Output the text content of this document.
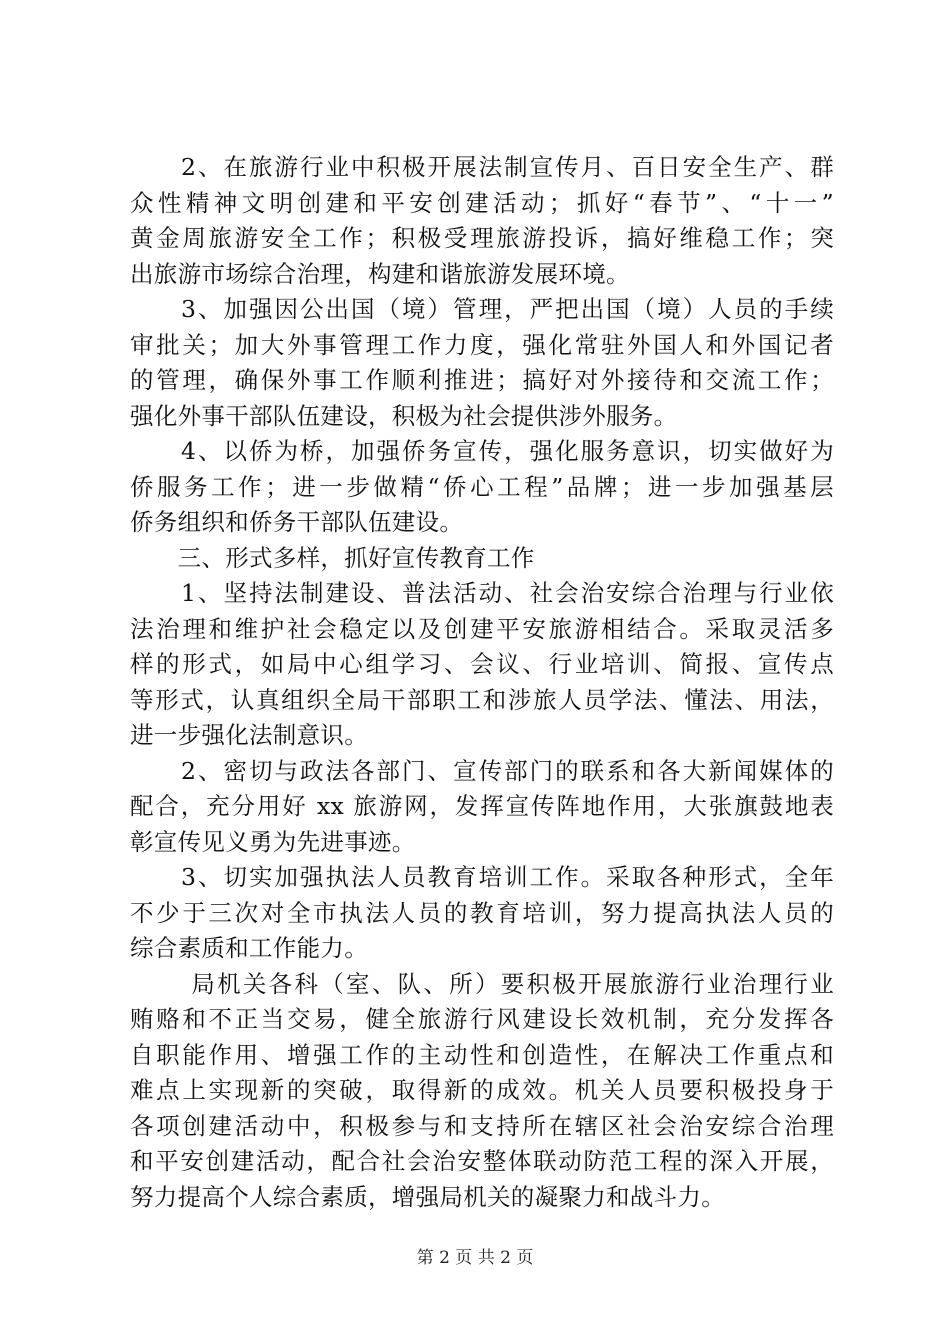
　　2、在旅游行业中积极开展法制宣传月、百日安全生产、群
众性精神文明创建和平安创建活动；抓好“春节”、“十一”
黄金周旅游安全工作；积极受理旅游投诉，搞好维稳工作；突
出旅游市场综合治理，构建和谐旅游发展环境。
　　3、加强因公出国（境）管理，严把出国（境）人员的手续
审批关；加大外事管理工作力度，强化常驻外国人和外国记者
的管理，确保外事工作顺利推进；搞好对外接待和交流工作；
强化外事干部队伍建设，积极为社会提供涉外服务。
　　4、以侨为桥，加强侨务宣传，强化服务意识，切实做好为
侨服务工作；进一步做精“侨心工程”品牌；进一步加强基层
侨务组织和侨务干部队伍建设。
　　三、形式多样，抓好宣传教育工作
　　1、坚持法制建设、普法活动、社会治安综合治理与行业依
法治理和维护社会稳定以及创建平安旅游相结合。采取灵活多
样的形式，如局中心组学习、会议、行业培训、简报、宣传点
等形式，认真组织全局干部职工和涉旅人员学法、懂法、用法，
进一步强化法制意识。
　　2、密切与政法各部门、宣传部门的联系和各大新闻媒体的
配合，充分用好 xx 旅游网，发挥宣传阵地作用，大张旗鼓地表
彰宣传见义勇为先进事迹。
　　3、切实加强执法人员教育培训工作。采取各种形式，全年
不少于三次对全市执法人员的教育培训，努力提高执法人员的
综合素质和工作能力。
　　 局机关各科（室、队、所）要积极开展旅游行业治理行业
贿赂和不正当交易，健全旅游行风建设长效机制，充分发挥各
自职能作用、增强工作的主动性和创造性，在解决工作重点和
难点上实现新的突破，取得新的成效。机关人员要积极投身于
各项创建活动中，积极参与和支持所在辖区社会治安综合治理
和平安创建活动，配合社会治安整体联动防范工程的深入开展，
努力提高个人综合素质，增强局机关的凝聚力和战斗力。
第 2 页 共 2 页
